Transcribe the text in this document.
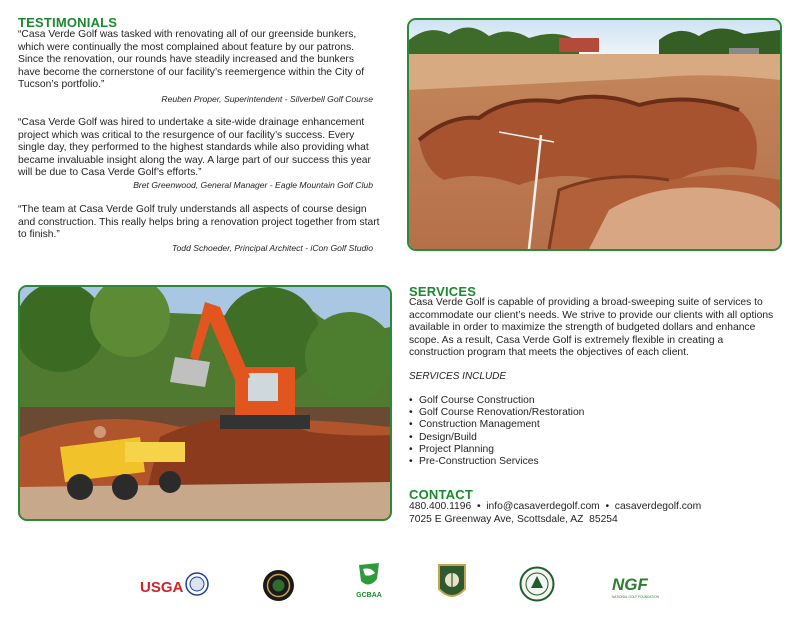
TESTIMONIALS
“Casa Verde Golf was tasked with renovating all of our greenside bunkers, which were continually the most complained about feature by our patrons. Since the renovation, our rounds have steadily increased and the bunkers have become the cornerstone of our facility’s reemergence within the City of Tucson’s portfolio.”
Reuben Proper, Superintendent - Silverbell Golf Course
“Casa Verde Golf was hired to undertake a site-wide drainage enhancement project which was critical to the resurgence of our facility’s success. Every single day, they performed to the highest standards while also providing what became invaluable insight along the way. A large part of our success this year will be due to Casa Verde Golf’s efforts.”
Bret Greenwood, General Manager - Eagle Mountain Golf Club
“The team at Casa Verde Golf truly understands all aspects of course design and construction. This really helps bring a renovation project together from start to finish.”
Todd Schoeder, Principal Architect - iCon Golf Studio
SERVICES
Casa Verde Golf is capable of providing a broad-sweeping suite of services to accommodate our client’s needs. We strive to provide our clients with all options available in order to maximize the strength of budgeted dollars and enhance scope. As a result, Casa Verde Golf is extremely flexible in creating a construction program that meets the objectives of each client.
SERVICES INCLUDE
• Golf Course Construction
• Golf Course Renovation/Restoration
• Construction Management
• Design/Build
• Project Planning
• Pre-Construction Services
CONTACT
480.400.1196  •  info@casaverdegolf.com  •  casaverdegolf.com
7025 E Greenway Ave, Scottsdale, AZ  85254
USGA	GCBAA
NGF
NATIONAL GOLF FOUNDATION
